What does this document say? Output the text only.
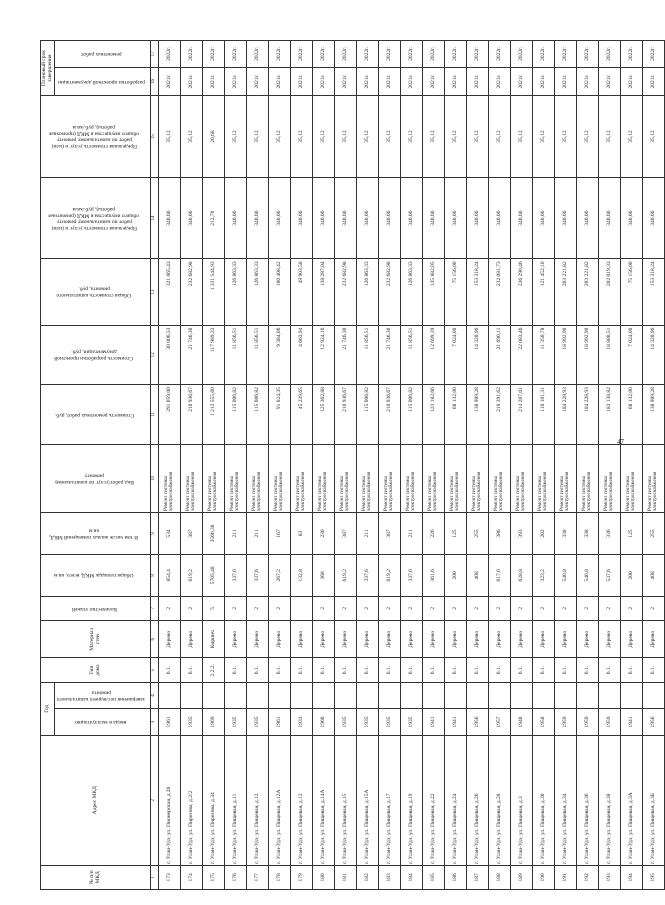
№ п/п МКД	Адрес МКД	Год		Тип дома	Материал стен	Количество этажей	Общая площадь МКД, всего, кв.м	В том числе жилых помещений МКД, кв.м	Вид работ/услуг по капитальному ремонту	Стоимость ремонтных работ, руб.	Стоимость разработки проектной документации, руб.	Общая стоимость капитального ремонта, руб.	Предельная стоимость услуг и (или) работ по капитальному ремонту общего имущества в МКД (ремонтные работы), руб./кв.м	Предельная стоимость услуг и (или) работ по капитальному ремонту общего имущества в МКД (проектные работы), руб./кв.м	Плановый срок завершения	
		ввода в эксплуатацию	завершения последнего капитального ремонта												разработки проектной документации	ремонтных работ
1	2	3	4	5	6	7	8	9	10	11	12	13	14	15	16	17
173	г. Улан-Удэ, ул. Пионерская, д.20	1961		6.1.	Дерево	2	854,4	534	Ремонт системы электроснабжения	291 059,00	30 006,53	321 065,43	340,66	35,12	2021г.	2022г.
174	г. Улан-Удэ, ул. Пирогова, д.2/2	1935		6.1.	Дерево	2	619,2	387	Ремонт системы электроснабжения	210 936,67	21 746,30	232 682,98	340,66	35,12	2021г.	2022г.
175	г. Улан-Удэ, ул. Пирогова, д.34	1969		2.2.2.	Кирпич	5	5705,48	3566,38	Ремонт системы электроснабжения	1 213 555,60	117 989,33	1 331 544,93	212,70	20,68	2021г.	2022г.
176	г. Улан-Удэ, ул. Пищевая, д.11	1935		6.1.	Дерево	2	337,6	211	Ремонт системы электроснабжения	115 006,82	11 856,51	126 863,33	340,66	35,12	2021г.	2022г.
177	г. Улан-Удэ, ул. Пищевая, д.12	1935		6.1.	Дерево	2	337,6	211	Ремонт системы электроснабжения	115 006,82	11 856,51	126 863,33	340,66	35,12	2021г.	2022г.
178	г. Улан-Удэ, ул. Пищевая, д.12А	1961		6.1.	Дерево	2	267,2	167	Ремонт системы электроснабжения	91 024,35	9 384,06	100 408,42	340,66	35,12	2021г.	2022г.
179	г. Улан-Удэ, ул. Пищевая, д.13	1933		6.1.	Дерево		132,8	83	Ремонт системы электроснабжения	45 239,65	4 663,94	49 903,58	340,66	35,12	2021г.	2022г.
180	г. Улан-Удэ, ул. Пищевая, д.14А	1960		6.1.	Дерево	2	368	230	Ремонт системы электроснабжения	125 362,88	12 924,16	138 287,04	340,66	35,12	2021г.	2022г.
181	г. Улан-Удэ, ул. Пищевая, д.15	1935		6.1.	Дерево	2	619,2	387	Ремонт системы электроснабжения	210 936,67	21 746,30	232 682,98	340,66	35,12	2021г.	2022г.
182	г. Улан-Удэ, ул. Пищевая, д.15А	1935		6.1.	Дерево	2	337,6	211	Ремонт системы электроснабжения	115 006,82	11 856,51	126 863,33	340,66	35,12	2021г.	2022г.
183	г. Улан-Удэ, ул. Пищевая, д.17	1935		6.1.	Дерево	2	619,2	387	Ремонт системы электроснабжения	210 936,67	21 746,30	232 682,98	340,66	35,12	2021г.	2022г.
184	г. Улан-Удэ, ул. Пищевая, д.19	1935		6.1.	Дерево	2	337,6	211	Ремонт системы электроснабжения	115 006,82	11 856,51	126 863,33	340,66	35,12	2021г.	2022г.
185	г. Улан-Удэ, ул. Пищевая, д.22	1941		6.1.	Дерево	2	361,6	226	Ремонт системы электроснабжения	123 182,66	12 699,39	135 882,05	340,66	35,12	2021г.	2022г.
186	г. Улан-Удэ, ул. Пищевая, д.24	1941		6.1.	Дерево	2	200	125	Ремонт системы электроснабжения	68 132,00	7 024,00	75 156,00	340,66	35,12	2021г.	2022г.
187	г. Улан-Удэ, ул. Пищевая, д.26	1956		6.1.	Дерево	2	408	255	Ремонт системы электроснабжения	138 989,28	14 328,96	153 318,24	340,66	35,12	2021г.	2022г.
188	г. Улан-Удэ, ул. Пищевая, д.28	1957		6.1.	Дерево	2	617,6	386	Ремонт системы электроснабжения	210 391,62	21 690,11	232 081,73	340,66	35,12	2021г.	2022г.
189	г. Улан-Удэ, ул. Пищевая, д.3	1940		6.1.	Дерево	2	628,8	393	Ремонт системы электроснабжения	214 207,01	22 083,46	236 290,46	340,66	35,12	2021г.	2022г.
190	г. Улан-Удэ, ул. Пищевая, д.30	1958		6.1.	Дерево	2	323,2	202	Ремонт системы электроснабжения	110 101,31	11 350,78	121 452,10	340,66	35,12	2021г.	2022г.
191	г. Улан-Удэ, ул. Пищевая, д.34	1959		6.1.	Дерево	2	540,8	338	Ремонт системы электроснабжения	184 228,93	18 992,90	203 221,82	340,66	35,12	2021г.	2022г.
192	г. Улан-Удэ, ул. Пищевая, д.36	1959		6.1.	Дерево	2	540,8	338	Ремонт системы электроснабжения	184 228,93	18 992,90	203 221,82	340,66	35,12	2021г.	2022г.
193	г. Улан-Удэ, ул. Пищевая, д.38	1959		6.1.	Дерево	2	537,6	336	Ремонт системы электроснабжения	183 138,82	18 880,51	202 019,33	340,66	35,12	2021г.	2022г.
194	г. Улан-Удэ, ул. Пищевая, д.3А	1941		6.1.	Дерево	2	200	125	Ремонт системы электроснабжения	68 132,00	7 024,00	75 156,00	340,66	35,12	2021г.	2022г.
195	г. Улан-Удэ, ул. Пищевая, д.3Б	1956		6.1.	Дерево	2	408	255	Ремонт системы электроснабжения	138 989,28	14 328,96	153 318,24	340,66	35,12	2021г.	2022г.
47
